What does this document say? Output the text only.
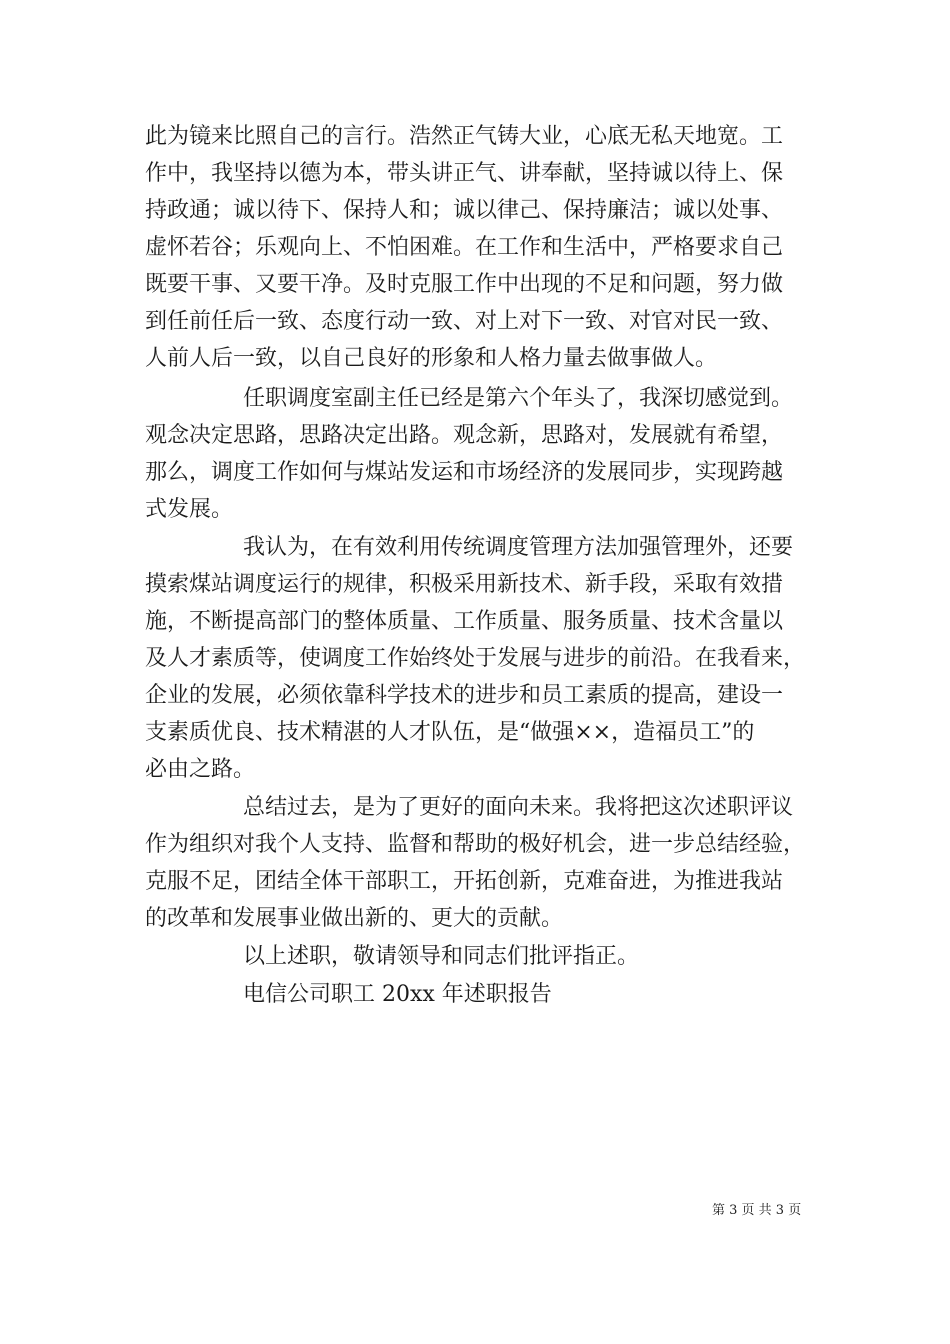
此为镜来比照自己的言行。浩然正气铸大业，心底无私天地宽。工
作中，我坚持以德为本，带头讲正气、讲奉献，坚持诚以待上、保
持政通；诚以待下、保持人和；诚以律己、保持廉洁；诚以处事、
虚怀若谷；乐观向上、不怕困难。在工作和生活中，严格要求自己
既要干事、又要干净。及时克服工作中出现的不足和问题，努力做
到任前任后一致、态度行动一致、对上对下一致、对官对民一致、
人前人后一致，以自己良好的形象和人格力量去做事做人。
任职调度室副主任已经是第六个年头了，我深切感觉到。
观念决定思路，思路决定出路。观念新，思路对，发展就有希望，
那么，调度工作如何与煤站发运和市场经济的发展同步，实现跨越
式发展。
我认为，在有效利用传统调度管理方法加强管理外，还要
摸索煤站调度运行的规律，积极采用新技术、新手段，采取有效措
施，不断提高部门的整体质量、工作质量、服务质量、技术含量以
及人才素质等，使调度工作始终处于发展与进步的前沿。在我看来，
企业的发展，必须依靠科学技术的进步和员工素质的提高，建设一
支素质优良、技术精湛的人才队伍，是“做强××，造福员工”的
必由之路。
总结过去，是为了更好的面向未来。我将把这次述职评议
作为组织对我个人支持、监督和帮助的极好机会，进一步总结经验，
克服不足，团结全体干部职工，开拓创新，克难奋进，为推进我站
的改革和发展事业做出新的、更大的贡献。
以上述职，敬请领导和同志们批评指正。
电信公司职工 20xx 年述职报告
第 3 页 共 3 页
